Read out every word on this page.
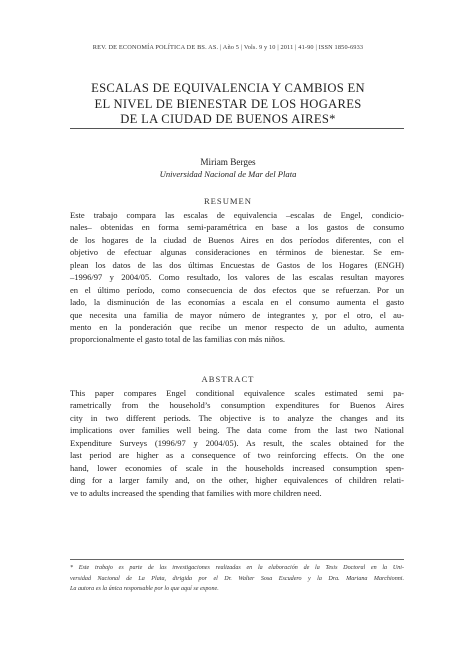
REV. DE ECONOMÍA POLÍTICA DE BS. AS. | Año 5 | Vols. 9 y 10 | 2011 | 41-90 | ISSN 1850-6933
ESCALAS DE EQUIVALENCIA Y CAMBIOS EN
EL NIVEL DE BIENESTAR DE LOS HOGARES
DE LA CIUDAD DE BUENOS AIRES*
Miriam Berges
Universidad Nacional de Mar del Plata
RESUMEN
Este trabajo compara las escalas de equivalencia –escalas de Engel, condicio-
nales– obtenidas en forma semi-paramétrica en base a los gastos de consumo
de los hogares de la ciudad de Buenos Aires en dos períodos diferentes, con el
objetivo de efectuar algunas consideraciones en términos de bienestar. Se em-
plean los datos de las dos últimas Encuestas de Gastos de los Hogares (ENGH)
–1996/97 y 2004/05. Como resultado, los valores de las escalas resultan mayores
en el último período, como consecuencia de dos efectos que se refuerzan. Por un
lado, la disminución de las economías a escala en el consumo aumenta el gasto
que necesita una familia de mayor número de integrantes y, por el otro, el au-
mento en la ponderación que recibe un menor respecto de un adulto, aumenta
proporcionalmente el gasto total de las familias con más niños.
ABSTRACT
This paper compares Engel conditional equivalence scales estimated semi pa-
rametrically from the household’s consumption expenditures for Buenos Aires
city in two different periods. The objective is to analyze the changes and its
implications over families well being. The data come from the last two National
Expenditure Surveys (1996/97 y 2004/05). As result, the scales obtained for the
last period are higher as a consequence of two reinforcing effects. On the one
hand, lower economies of scale in the households increased consumption spen-
ding for a larger family and, on the other, higher equivalences of children relati-
ve to adults increased the spending that families with more children need.
* Este trabajo es parte de las investigaciones realizadas en la elaboración de la Tesis Doctoral en la Uni-
versidad Nacional de La Plata, dirigida por el Dr. Walter Sosa Escudero y la Dra. Mariana Marchionni.
La autora es la única responsable por lo que aquí se expone.
